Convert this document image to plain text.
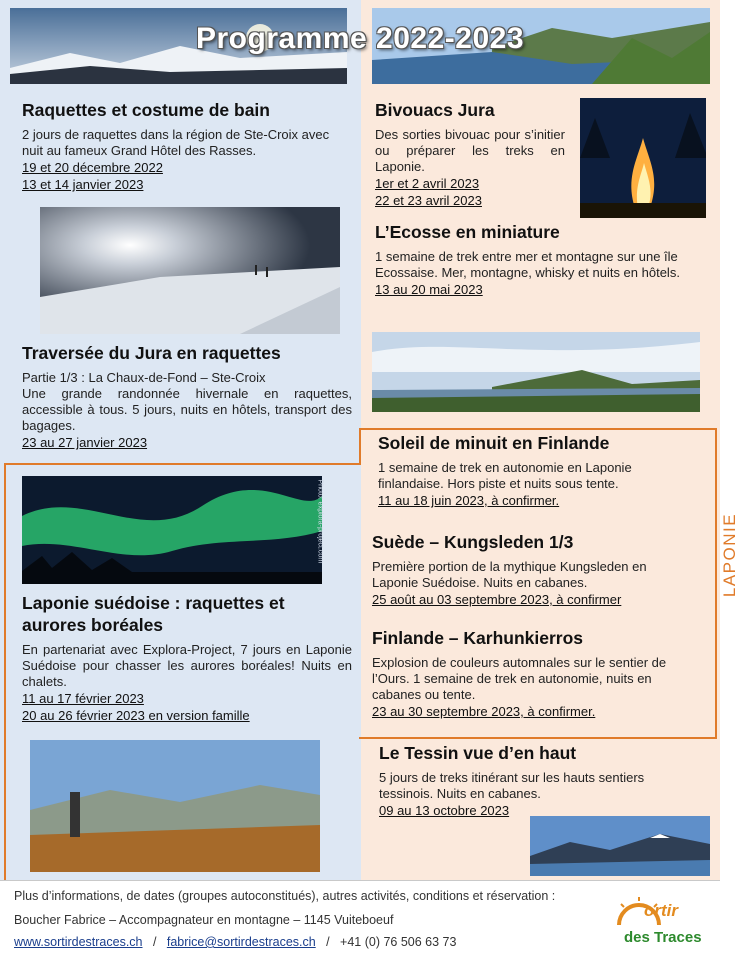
Programme 2022-2023
Raquettes et costume de bain

2 jours de raquettes dans la région de Ste-Croix avec nuit au fameux Grand Hôtel des Rasses.

19 et 20 décembre 2022
13 et 14 janvier 2023
Traversée du Jura en raquettes

Partie 1/3 : La Chaux-de-Fond – Ste-Croix

Une grande randonnée hivernale en raquettes, accessible à tous. 5 jours, nuits en hôtels, transport des bagages.

23 au 27 janvier 2023
Photo: explora-project.com
Laponie suédoise : raquettes et aurores boréales

En partenariat avec Explora-Project, 7 jours en Laponie Suédoise pour chasser les aurores boréales! Nuits en chalets.

11 au 17 février 2023
20 au 26 février 2023 en version famille
Bivouacs Jura

Des sorties bivouac pour s’initier ou préparer les treks en Laponie.

1er et 2 avril 2023
22 et 23 avril 2023
L’Ecosse en miniature

1 semaine de trek entre mer et montagne sur une île Ecossaise. Mer, montagne, whisky et nuits en hôtels.

13 au 20 mai 2023
Soleil de minuit en Finlande

1 semaine de trek en autonomie en Laponie finlandaise. Hors piste et nuits sous tente.

11 au 18 juin 2023, à confirmer.
Suède – Kungsleden 1/3

Première portion de la mythique Kungsleden en Laponie Suédoise. Nuits en cabanes.

25 août au 03 septembre 2023, à confirmer
Finlande – Karhunkierros

Explosion de couleurs automnales sur le sentier de l’Ours. 1 semaine de trek en autonomie, nuits en cabanes ou tente.

23 au 30 septembre 2023, à confirmer.
LAPONIE
Le Tessin vue d’en haut

5 jours de treks itinérant sur les hauts sentiers tessinois. Nuits en cabanes.

09 au 13 octobre 2023
Plus d’informations, de dates (groupes autoconstitués), autres activités, conditions et réservation :
Boucher Fabrice – Accompagnateur en montagne – 1145 Vuiteboeuf
www.sortirdestraces.ch / fabrice@sortirdestraces.ch / +41 (0) 76 506 63 73
ortir
des Traces
